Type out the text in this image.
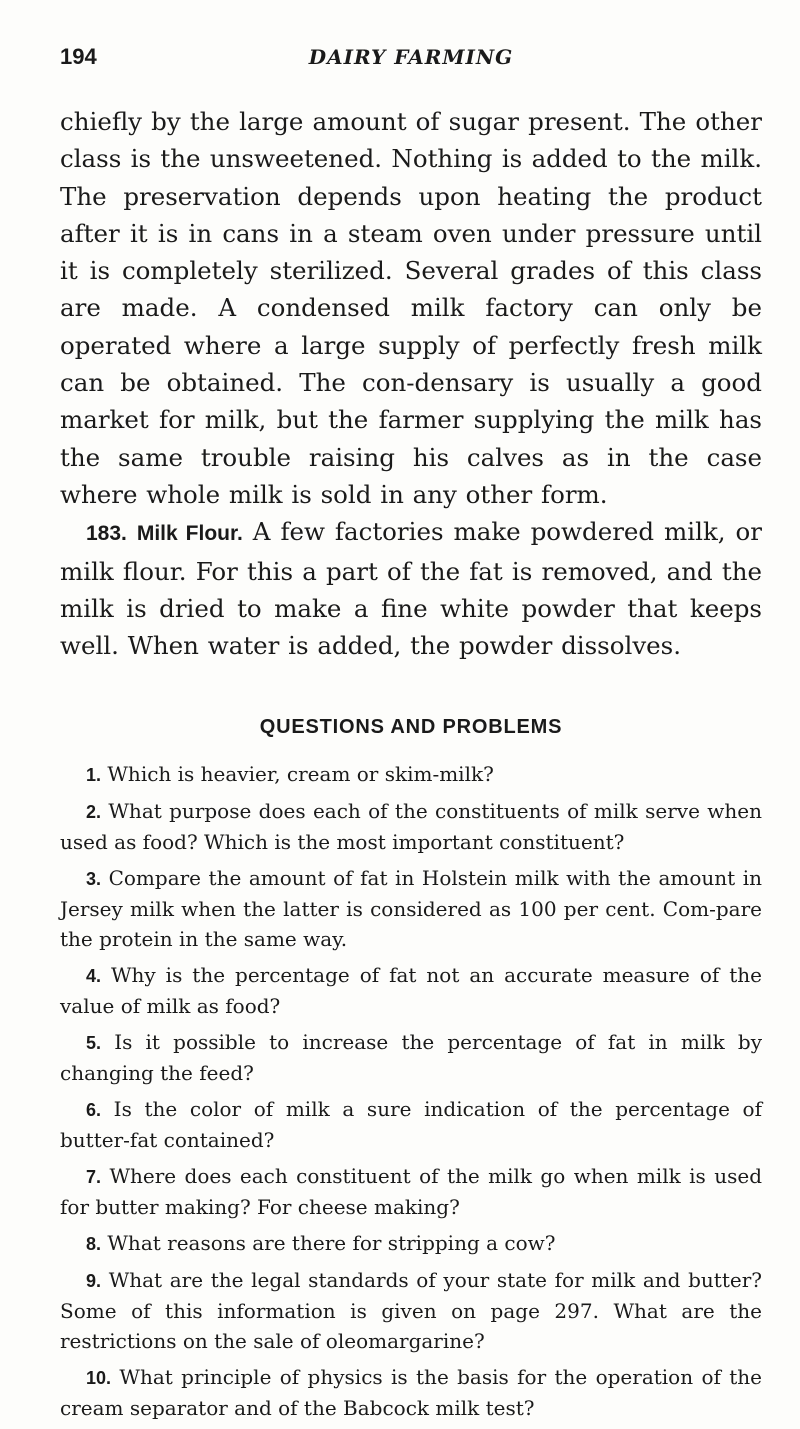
194	DAIRY FARMING

chiefly by the large amount of sugar present. The other class is the unsweetened. Nothing is added to the milk. The preservation depends upon heating the product after it is in cans in a steam oven under pressure until it is completely sterilized. Several grades of this class are made. A condensed milk factory can only be operated where a large supply of perfectly fresh milk can be obtained. The con-densary is usually a good market for milk, but the farmer supplying the milk has the same trouble raising his calves as in the case where whole milk is sold in any other form.

183. Milk Flour. A few factories make powdered milk, or milk flour. For this a part of the fat is removed, and the milk is dried to make a fine white powder that keeps well. When water is added, the powder dissolves.

QUESTIONS AND PROBLEMS
1. Which is heavier, cream or skim-milk?
2. What purpose does each of the constituents of milk serve when used as food? Which is the most important constituent?
3. Compare the amount of fat in Holstein milk with the amount in Jersey milk when the latter is considered as 100 per cent. Com-pare the protein in the same way.
4. Why is the percentage of fat not an accurate measure of the value of milk as food?
5. Is it possible to increase the percentage of fat in milk by changing the feed?
6. Is the color of milk a sure indication of the percentage of butter-fat contained?
7. Where does each constituent of the milk go when milk is used for butter making? For cheese making?
8. What reasons are there for stripping a cow?
9. What are the legal standards of your state for milk and butter? Some of this information is given on page 297. What are the restrictions on the sale of oleomargarine?
10. What principle of physics is the basis for the operation of the cream separator and of the Babcock milk test?
